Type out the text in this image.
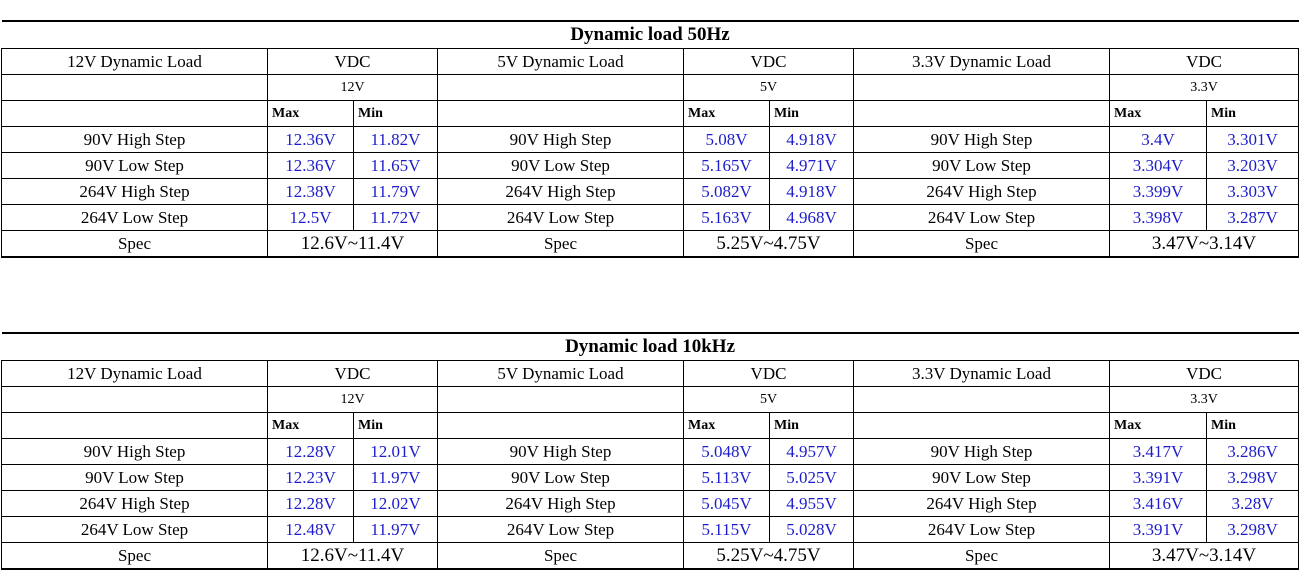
Dynamic load 50Hz								
12V Dynamic Load	VDC		5V Dynamic Load	VDC		3.3V Dynamic Load	VDC	
	12V			5V			3.3V	
	Max	Min		Max	Min		Max	Min
90V High Step	12.36V	11.82V	90V High Step	5.08V	4.918V	90V High Step	3.4V	3.301V
90V Low Step	12.36V	11.65V	90V Low Step	5.165V	4.971V	90V Low Step	3.304V	3.203V
264V High Step	12.38V	11.79V	264V High Step	5.082V	4.918V	264V High Step	3.399V	3.303V
264V Low Step	12.5V	11.72V	264V Low Step	5.163V	4.968V	264V Low Step	3.398V	3.287V
Spec	12.6V~11.4V		Spec	5.25V~4.75V		Spec	3.47V~3.14V	
Dynamic load 10kHz								
12V Dynamic Load	VDC		5V Dynamic Load	VDC		3.3V Dynamic Load	VDC	
	12V			5V			3.3V	
	Max	Min		Max	Min		Max	Min
90V High Step	12.28V	12.01V	90V High Step	5.048V	4.957V	90V High Step	3.417V	3.286V
90V Low Step	12.23V	11.97V	90V Low Step	5.113V	5.025V	90V Low Step	3.391V	3.298V
264V High Step	12.28V	12.02V	264V High Step	5.045V	4.955V	264V High Step	3.416V	3.28V
264V Low Step	12.48V	11.97V	264V Low Step	5.115V	5.028V	264V Low Step	3.391V	3.298V
Spec	12.6V~11.4V		Spec	5.25V~4.75V		Spec	3.47V~3.14V	
